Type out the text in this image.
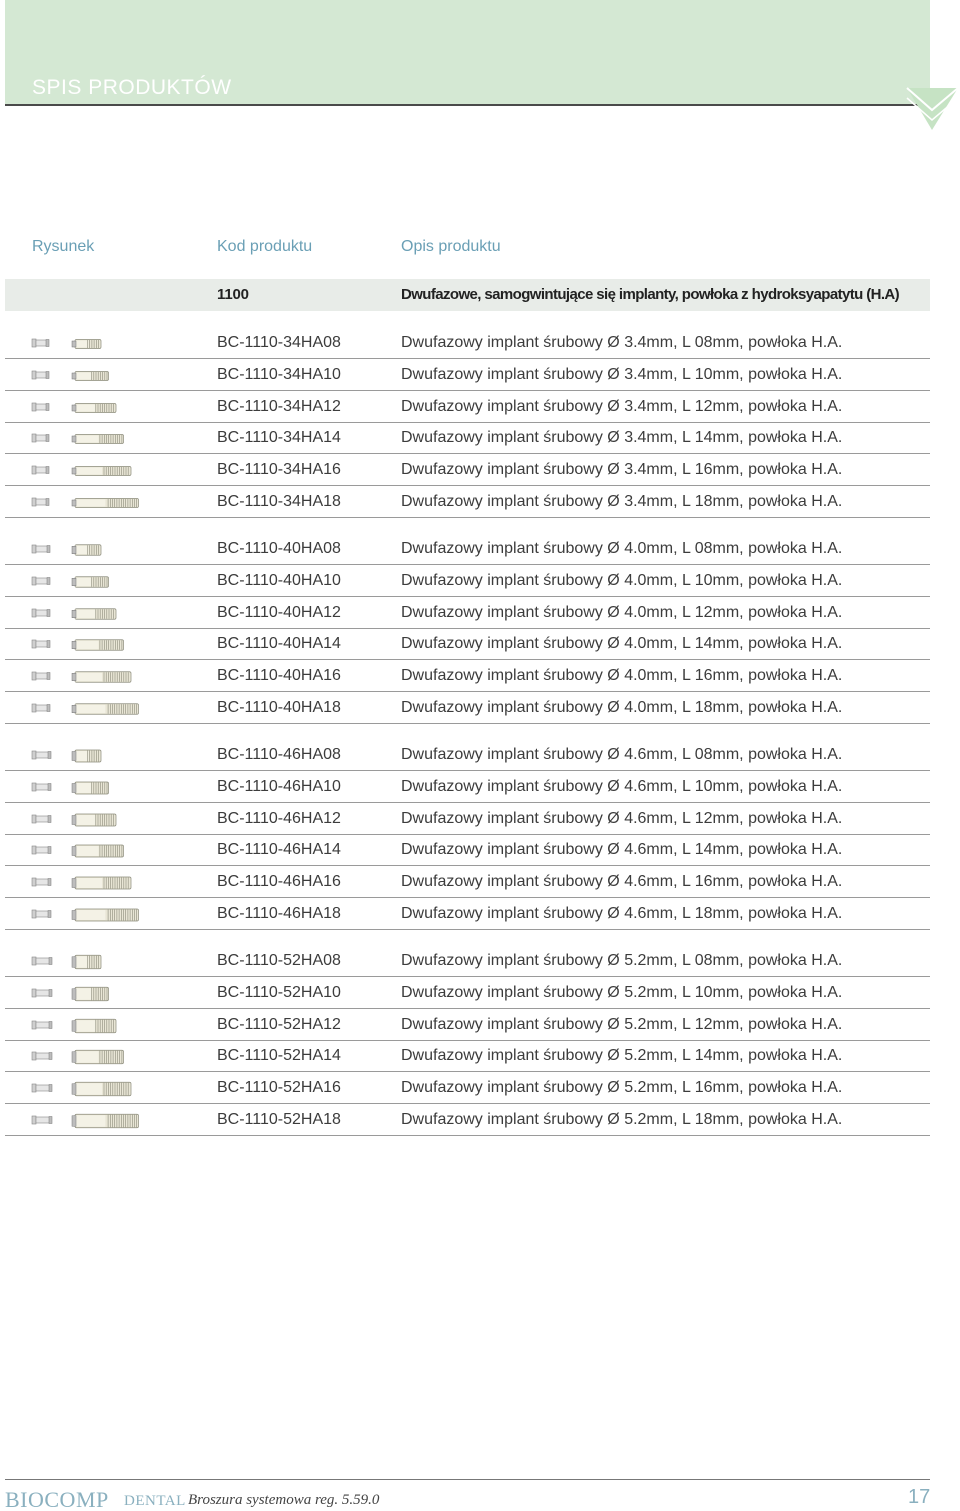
SPIS PRODUKTÓW
Rysunek	Kod produktu	Opis produktu
1100	Dwufazowe, samogwintujące się implanty, powłoka z hydroksyapatytu (H.A)
BC-1110-34HA08	Dwufazowy implant śrubowy Ø 3.4mm, L 08mm, powłoka H.A.
BC-1110-34HA10	Dwufazowy implant śrubowy Ø 3.4mm, L 10mm, powłoka H.A.
BC-1110-34HA12	Dwufazowy implant śrubowy Ø 3.4mm, L 12mm, powłoka H.A.
BC-1110-34HA14	Dwufazowy implant śrubowy Ø 3.4mm, L 14mm, powłoka H.A.
BC-1110-34HA16	Dwufazowy implant śrubowy Ø 3.4mm, L 16mm, powłoka H.A.
BC-1110-34HA18	Dwufazowy implant śrubowy Ø 3.4mm, L 18mm, powłoka H.A.
BC-1110-40HA08	Dwufazowy implant śrubowy Ø 4.0mm, L 08mm, powłoka H.A.
BC-1110-40HA10	Dwufazowy implant śrubowy Ø 4.0mm, L 10mm, powłoka H.A.
BC-1110-40HA12	Dwufazowy implant śrubowy Ø 4.0mm, L 12mm, powłoka H.A.
BC-1110-40HA14	Dwufazowy implant śrubowy Ø 4.0mm, L 14mm, powłoka H.A.
BC-1110-40HA16	Dwufazowy implant śrubowy Ø 4.0mm, L 16mm, powłoka H.A.
BC-1110-40HA18	Dwufazowy implant śrubowy Ø 4.0mm, L 18mm, powłoka H.A.
BC-1110-46HA08	Dwufazowy implant śrubowy Ø 4.6mm, L 08mm, powłoka H.A.
BC-1110-46HA10	Dwufazowy implant śrubowy Ø 4.6mm, L 10mm, powłoka H.A.
BC-1110-46HA12	Dwufazowy implant śrubowy Ø 4.6mm, L 12mm, powłoka H.A.
BC-1110-46HA14	Dwufazowy implant śrubowy Ø 4.6mm, L 14mm, powłoka H.A.
BC-1110-46HA16	Dwufazowy implant śrubowy Ø 4.6mm, L 16mm, powłoka H.A.
BC-1110-46HA18	Dwufazowy implant śrubowy Ø 4.6mm, L 18mm, powłoka H.A.
BC-1110-52HA08	Dwufazowy implant śrubowy Ø 5.2mm, L 08mm, powłoka H.A.
BC-1110-52HA10	Dwufazowy implant śrubowy Ø 5.2mm, L 10mm, powłoka H.A.
BC-1110-52HA12	Dwufazowy implant śrubowy Ø 5.2mm, L 12mm, powłoka H.A.
BC-1110-52HA14	Dwufazowy implant śrubowy Ø 5.2mm, L 14mm, powłoka H.A.
BC-1110-52HA16	Dwufazowy implant śrubowy Ø 5.2mm, L 16mm, powłoka H.A.
BC-1110-52HA18	Dwufazowy implant śrubowy Ø 5.2mm, L 18mm, powłoka H.A.
BIOCOMP DENTAL Broszura systemowa reg. 5.59.0	17
